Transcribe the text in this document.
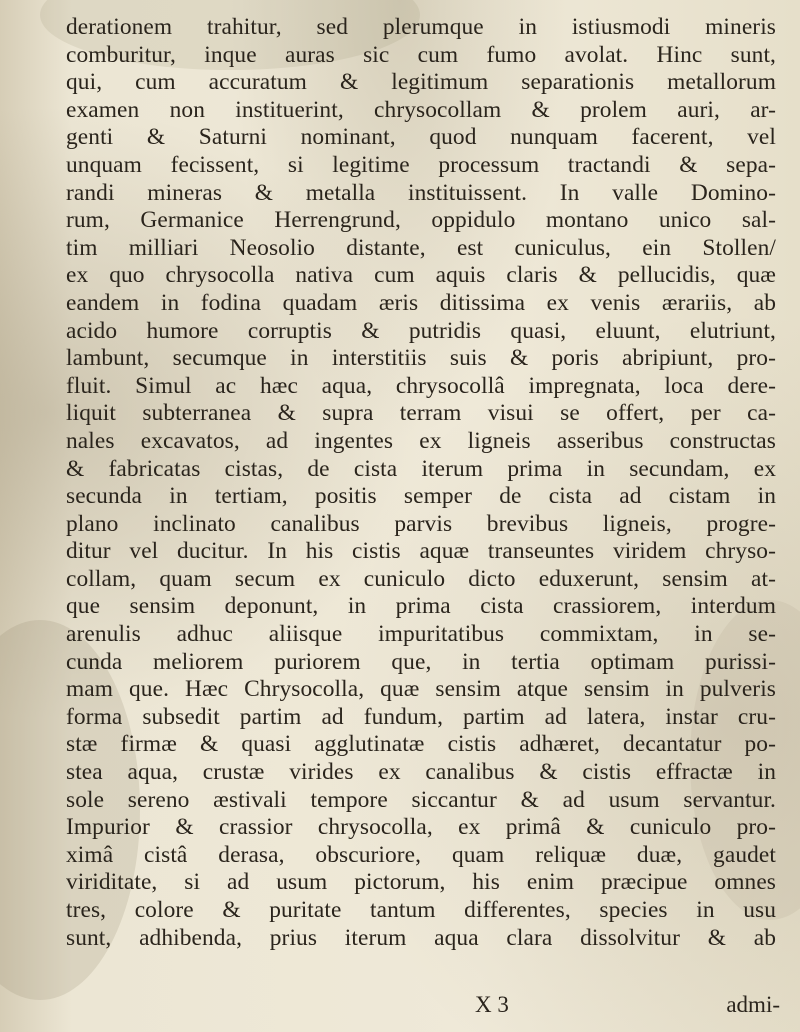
derationem trahitur, sed plerumque in istiusmodi mineris
comburitur, inque auras sic cum fumo avolat. Hinc sunt,
qui, cum accuratum & legitimum separationis metallorum
examen non instituerint, chrysocollam & prolem auri, ar-
genti & Saturni nominant, quod nunquam facerent, vel
unquam fecissent, si legitime processum tractandi & sepa-
randi mineras & metalla instituissent. In valle Domino-
rum, Germanice Herrengrund, oppidulo montano unico sal-
tim milliari Neosolio distante, est cuniculus, ein Stollen/
ex quo chrysocolla nativa cum aquis claris & pellucidis, quæ
eandem in fodina quadam æris ditissima ex venis ærariis, ab
acido humore corruptis & putridis quasi, eluunt, elutriunt,
lambunt, secumque in interstitiis suis & poris abripiunt, pro-
fluit. Simul ac hæc aqua, chrysocollâ impregnata, loca dere-
liquit subterranea & supra terram visui se offert, per ca-
nales excavatos, ad ingentes ex ligneis asseribus constructas
& fabricatas cistas, de cista iterum prima in secundam, ex
secunda in tertiam, positis semper de cista ad cistam in
plano inclinato canalibus parvis brevibus ligneis, progre-
ditur vel ducitur. In his cistis aquæ transeuntes viridem chryso-
collam, quam secum ex cuniculo dicto eduxerunt, sensim at-
que sensim deponunt, in prima cista crassiorem, interdum
arenulis adhuc aliisque impuritatibus commixtam, in se-
cunda meliorem puriorem que, in tertia optimam purissi-
mam que. Hæc Chrysocolla, quæ sensim atque sensim in pulveris
forma subsedit partim ad fundum, partim ad latera, instar cru-
stæ firmæ & quasi agglutinatæ cistis adhæret, decantatur po-
stea aqua, crustæ virides ex canalibus & cistis effractæ in
sole sereno æstivali tempore siccantur & ad usum servantur.
Impurior & crassior chrysocolla, ex primâ & cuniculo pro-
ximâ cistâ derasa, obscuriore, quam reliquæ duæ, gaudet
viriditate, si ad usum pictorum, his enim præcipue omnes
tres, colore & puritate tantum differentes, species in usu
sunt, adhibenda, prius iterum aqua clara dissolvitur & ab
X 3	admi-
